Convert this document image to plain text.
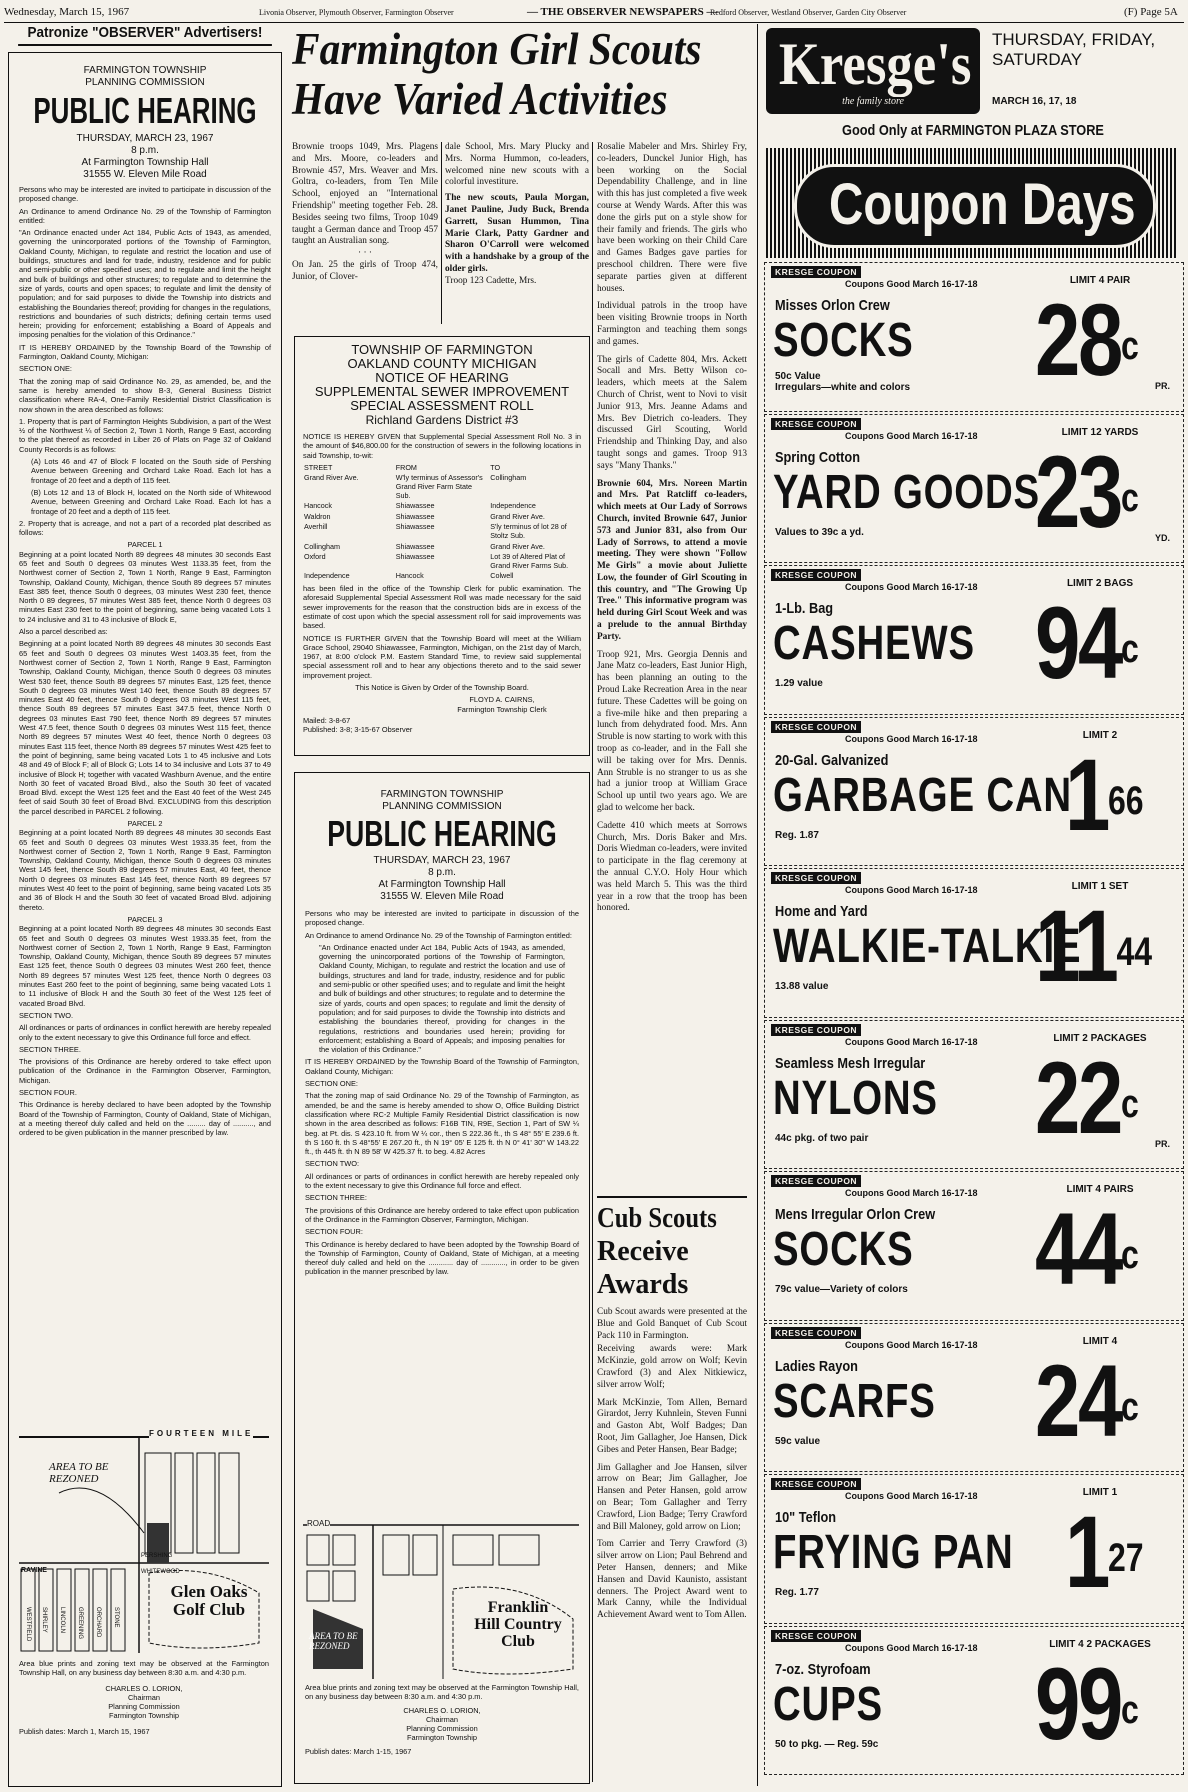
Wednesday, March 15, 1967	Livonia Observer, Plymouth Observer, Farmington Observer	— THE OBSERVER NEWSPAPERS —
Redford Observer, Westland Observer, Garden City Observer	(F) Page 5A
Patronize "OBSERVER" Advertisers!

FARMINGTON TOWNSHIP

PLANNING COMMISSION

PUBLIC HEARING

THURSDAY, MARCH 23, 1967

8 p.m.

At Farmington Township Hall

31555 W. Eleven Mile Road

Persons who may be interested are invited to participate in discussion of the proposed change.

An Ordinance to amend Ordinance No. 29 of the Township of Farmington entitled:

"An Ordinance enacted under Act 184, Public Acts of 1943, as amended, governing the unincorporated portions of the Township of Farmington, Oakland County, Michigan, to regulate and restrict the location and use of buildings, structures and land for trade, industry, residence and for public and semi-public or other specified uses; and to regulate and limit the height and bulk of buildings and other structures; to regulate and to determine the size of yards, courts and open spaces; to regulate and limit the density of population; and for said purposes to divide the Township into districts and establishing the Boundaries thereof; providing for changes in the regulations, restrictions and boundaries of such districts; defining certain terms used herein; providing for enforcement; establishing a Board of Appeals and imposing penalties for the violation of this Ordinance."

IT IS HEREBY ORDAINED by the Township Board of the Township of Farmington, Oakland County, Michigan:

SECTION ONE:

That the zoning map of said Ordinance No. 29, as amended, be, and the same is hereby amended to show B-3, General Business District classification where RA-4, One-Family Residential District Classification is now shown in the area described as follows:

1. Property that is part of Farmington Heights Subdivision, a part of the West ½ of the Northwest ¼ of Section 2, Town 1 North, Range 9 East, according to the plat thereof as recorded in Liber 26 of Plats on Page 32 of Oakland County Records is as follows:

(A) Lots 46 and 47 of Block F located on the South side of Pershing Avenue between Greening and Orchard Lake Road. Each lot has a frontage of 20 feet and a depth of 115 feet.

(B) Lots 12 and 13 of Block H, located on the North side of Whitewood Avenue, between Greening and Orchard Lake Road. Each lot has a frontage of 20 feet and a depth of 115 feet.

2. Property that is acreage, and not a part of a recorded plat described as follows:

PARCEL 1

Beginning at a point located North 89 degrees 48 minutes 30 seconds East 65 feet and South 0 degrees 03 minutes West 1133.35 feet, from the Northwest corner of Section 2, Town 1 North, Range 9 East, Farmington Township, Oakland County, Michigan, thence South 89 degrees 57 minutes East 385 feet, thence South 0 degrees, 03 minutes West 230 feet, thence North 0 89 degrees, 57 minutes West 385 feet, thence North 0 degrees 03 minutes East 230 feet to the point of beginning, same being vacated Lots 1 to 24 inclusive and 31 to 43 inclusive of Block E,

Also a parcel described as:

Beginning at a point located North 89 degrees 48 minutes 30 seconds East 65 feet and South 0 degrees 03 minutes West 1403.35 feet, from the Northwest corner of Section 2, Town 1 North, Range 9 East, Farmington Township, Oakland County, Michigan, thence South 0 degrees 03 minutes West 530 feet, thence South 89 degrees 57 minutes East, 125 feet, thence South 0 degrees 03 minutes West 140 feet, thence South 89 degrees 57 minutes East 40 feet, thence South 0 degrees 03 minutes West 115 feet, thence South 89 degrees 57 minutes East 347.5 feet, thence North 0 degrees 03 minutes East 790 feet, thence North 89 degrees 57 minutes West 47.5 feet, thence South 0 degrees 03 minutes West 115 feet, thence North 89 degrees 57 minutes West 40 feet, thence North 0 degrees 03 minutes East 115 feet, thence North 89 degrees 57 minutes West 425 feet to the point of beginning, same being vacated Lots 1 to 45 inclusive and Lots 48 and 49 of Block F; all of Block G; Lots 14 to 34 inclusive and Lots 37 to 49 inclusive of Block H; together with vacated Washburn Avenue, and the entire North 30 feet of vacated Broad Blvd., also the South 30 feet of vacated Broad Blvd. except the West 125 feet and the East 40 feet of the West 245 feet of said South 30 feet of Broad Blvd. EXCLUDING from this description the parcel described in PARCEL 2 following.

PARCEL 2

Beginning at a point located North 89 degrees 48 minutes 30 seconds East 65 feet and South 0 degrees 03 minutes West 1933.35 feet, from the Northwest corner of Section 2, Town 1 North, Range 9 East, Farmington Township, Oakland County, Michigan, thence South 0 degrees 03 minutes West 145 feet, thence South 89 degrees 57 minutes East, 40 feet, thence North 0 degrees 03 minutes East 145 feet, thence North 89 degrees 57 minutes West 40 feet to the point of beginning, same being vacated Lots 35 and 36 of Block H and the South 30 feet of vacated Broad Blvd. adjoining thereto.

PARCEL 3

Beginning at a point located North 89 degrees 48 minutes 30 seconds East 65 feet and South 0 degrees 03 minutes West 1933.35 feet, from the Northwest corner of Section 2, Town 1 North, Range 9 East, Farmington Township, Oakland County, Michigan, thence South 89 degrees 57 minutes East 125 feet, thence South 0 degrees 03 minutes West 260 feet, thence North 89 degrees 57 minutes West 125 feet, thence North 0 degrees 03 minutes East 260 feet to the point of beginning, same being vacated Lots 1 to 11 inclusive of Block H and the South 30 feet of the West 125 feet of vacated Broad Blvd.

SECTION TWO.

All ordinances or parts of ordinances in conflict herewith are hereby repealed only to the extent necessary to give this Ordinance full force and effect.

SECTION THREE.

The provisions of this Ordinance are hereby ordered to take effect upon publication of the Ordinance in the Farmington Observer, Farmington, Michigan.

SECTION FOUR.

This Ordinance is hereby declared to have been adopted by the Township Board of the Township of Farmington, County of Oakland, State of Michigan, at a meeting thereof duly called and held on the ......... day of .........., and ordered to be given publication in the manner prescribed by law.

FOURTEEN MILE
AREA TO BE REZONED
Glen Oaks Golf Club
RAVINE
SHIRLEY LINCOLN GREENING ORCHARD STONE
WESTFIELD
WHITEWOOD
PERSHING

Area blue prints and zoning text may be observed at the Farmington Township Hall, on any business day between 8:30 a.m. and 4:30 p.m.

CHARLES O. LORION,

Chairman

Planning Commission

Farmington Township

Publish dates: March 1, March 15, 1967

Farmington Girl Scouts
Have Varied Activities

Brownie troops 1049, Mrs. Plagens and Mrs. Moore, co-leaders and Brownie 457, Mrs. Weaver and Mrs. Goltra, co-leaders, from Ten Mile School, enjoyed an "International Friendship" meeting together Feb. 28. Besides seeing two films, Troop 1049 taught a German dance and Troop 457 taught an Australian song.

· · ·

On Jan. 25 the girls of Troop 474, Junior, of Clover-

dale School, Mrs. Mary Plucky and Mrs. Norma Hummon, co-leaders, welcomed nine new scouts with a colorful investiture.

The new scouts, Paula Morgan, Janet Pauline, Judy Buck, Brenda Garrett, Susan Hummon, Tina Marie Clark, Patty Gardner and Sharon O'Carroll were welcomed with a handshake by a group of the older girls.

Troop 123 Cadette, Mrs.

TOWNSHIP OF FARMINGTON

OAKLAND COUNTY MICHIGAN

NOTICE OF HEARING

SUPPLEMENTAL SEWER IMPROVEMENT

SPECIAL ASSESSMENT ROLL

Richland Gardens District #3

NOTICE IS HEREBY GIVEN that Supplemental Special Assessment Roll No. 3 in the amount of $46,800.00 for the construction of sewers in the following locations in said Township, to-wit:

STREET	FROM	TO
Grand River Ave.	W'ly terminus of Assessor's Grand River Farm State Sub.	Collingham
Hancock	Shiawassee	Independence
Waldron	Shiawassee	Grand River Ave.
Averhill	Shiawassee	S'ly terminus of lot 28 of Stoltz Sub.
Collingham	Shiawassee	Grand River Ave.
Oxford	Shiawassee	Lot 39 of Altered Plat of Grand River Farms Sub.
Independence	Hancock	Colwell

has been filed in the office of the Township Clerk for public examination. The aforesaid Supplemental Special Assessment Roll was made necessary for the said sewer improvements for the reason that the construction bids are in excess of the estimate of cost upon which the special assessment roll for said improvements was based.

NOTICE IS FURTHER GIVEN that the Township Board will meet at the William Grace School, 29040 Shiawassee, Farmington, Michigan, on the 21st day of March, 1967, at 8:00 o'clock P.M. Eastern Standard Time, to review said supplemental special assessment roll and to hear any objections thereto and to the said sewer improvement project.

This Notice is Given by Order of the Township Board.

FLOYD A. CAIRNS,

Farmington Township Clerk

Mailed: 3-8-67

Published: 3-8; 3-15-67 Observer

FARMINGTON TOWNSHIP

PLANNING COMMISSION

PUBLIC HEARING

THURSDAY, MARCH 23, 1967

8 p.m.

At Farmington Township Hall

31555 W. Eleven Mile Road

Persons who may be interested are invited to participate in discussion of the proposed change.

An Ordinance to amend Ordinance No. 29 of the Township of Farmington entitled:

"An Ordinance enacted under Act 184, Public Acts of 1943, as amended, governing the unincorporated portions of the Township of Farmington, Oakland County, Michigan, to regulate and restrict the location and use of buildings, structures and land for trade, industry, residence and for public and semi-public or other specified uses; and to regulate and limit the height and bulk of buildings and other structures; to regulate and to determine the size of yards, courts and open spaces; to regulate and limit the density of population; and for said purposes to divide the Township into districts and establishing the boundaries thereof, providing for changes in the regulations, restrictions and boundaries used herein; providing for enforcement; establishing a Board of Appeals; and imposing penalties for the violation of this Ordinance."

IT IS HEREBY ORDAINED by the Township Board of the Township of Farmington, Oakland County, Michigan:

SECTION ONE:

That the zoning map of said Ordinance No. 29 of the Township of Farmington, as amended, be and the same is hereby amended to show O, Office Building District classification where RC-2 Multiple Family Residential District classification is now shown in the area described as follows: F16B TIN, R9E, Section 1, Part of SW ¼ beg. at Pt. dis. S 423.10 ft. from W ¼ cor., then S 222.36 ft., th S 48° 55' E 239.6 ft. th S 160 ft. th S 48°55' E 267.20 ft., th N 19° 05' E 125 ft. th N 0° 41' 30" W 143.22 ft., th 445 ft. th N 89 58' W 425.37 ft. to beg. 4.82 Acres

SECTION TWO:

All ordinances or parts of ordinances in conflict herewith are hereby repealed only to the extent necessary to give this Ordinance full force and effect.

SECTION THREE:

The provisions of this Ordinance are hereby ordered to take effect upon publication of the Ordinance in the Farmington Observer, Farmington, Michigan.

SECTION FOUR:

This Ordinance is hereby declared to have been adopted by the Township Board of the Township of Farmington, County of Oakland, State of Michigan, at a meeting thereof duly called and held on the ............ day of ............, in order to be given publication in the manner prescribed by law.

ROAD
AREA TO BE REZONED
Franklin Hill Country Club

Area blue prints and zoning text may be observed at the Farmington Township Hall, on any business day between 8:30 a.m. and 4:30 p.m.

CHARLES O. LORION,

Chairman

Planning Commission

Farmington Township

Publish dates: March 1-15, 1967

Rosalie Mabeler and Mrs. Shirley Fry, co-leaders, Dunckel Junior High, has been working on the Social Dependability Challenge, and in line with this has just completed a five week course at Wendy Wards. After this was done the girls put on a style show for their family and friends. The girls who have been working on their Child Care and Games Badges gave parties for preschool children. There were five separate parties given at different houses.

Individual patrols in the troop have been visiting Brownie troops in North Farmington and teaching them songs and games.

The girls of Cadette 804, Mrs. Ackett Socall and Mrs. Betty Wilson co-leaders, which meets at the Salem Church of Christ, went to Novi to visit Junior 913, Mrs. Jeanne Adams and Mrs. Bev Dietrich co-leaders. They discussed Girl Scouting, World Friendship and Thinking Day, and also taught songs and games. Troop 913 says "Many Thanks."

Brownie 604, Mrs. Noreen Martin and Mrs. Pat Ratcliff co-leaders, which meets at Our Lady of Sorrows Church, invited Brownie 647, Junior 573 and Junior 831, also from Our Lady of Sorrows, to attend a movie meeting. They were shown "Follow Me Girls" a movie about Juliette Low, the founder of Girl Scouting in this country, and "The Growing Up Tree." This informative program was held during Girl Scout Week and was a prelude to the annual Birthday Party.

Troop 921, Mrs. Georgia Dennis and Jane Matz co-leaders, East Junior High, has been planning an outing to the Proud Lake Recreation Area in the near future. These Cadettes will be going on a five-mile hike and then preparing a lunch from dehydrated food. Mrs. Ann Struble is now starting to work with this troop as co-leader, and in the Fall she will be taking over for Mrs. Dennis. Ann Struble is no stranger to us as she had a junior troop at William Grace School up until two years ago. We are glad to welcome her back.

Cadette 410 which meets at Sorrows Church, Mrs. Doris Baker and Mrs. Doris Wiedman co-leaders, were invited to participate in the flag ceremony at the annual C.Y.O. Holy Hour which was held March 5. This was the third year in a row that the troop has been honored.

Cub Scouts
Receive
Awards

Cub Scout awards were presented at the Blue and Gold Banquet of Cub Scout Pack 110 in Farmington.

Receiving awards were: Mark McKinzie, gold arrow on Wolf; Kevin Crawford (3) and Alex Nitkiewicz, silver arrow Wolf;

Mark McKinzie, Tom Allen, Bernard Girardot, Jerry Kuhnlein, Steven Funni and Gaston Abt, Wolf Badges; Dan Root, Jim Gallagher, Joe Hansen, Dick Gibes and Peter Hansen, Bear Badge;

Jim Gallagher and Joe Hansen, silver arrow on Bear; Jim Gallagher, Joe Hansen and Peter Hansen, gold arrow on Bear; Tom Gallagher and Terry Crawford, Lion Badge; Terry Crawford and Bill Maloney, gold arrow on Lion;

Tom Carrier and Terry Crawford (3) silver arrow on Lion; Paul Behrend and Peter Hansen, denners; and Mike Hansen and David Kaunisto, assistant denners. The Project Award went to Mark Canny, while the Individual Achievement Award went to Tom Allen.

Kresge's
the family store
THURSDAY, FRIDAY, SATURDAY
MARCH 16, 17, 18
Good Only at FARMINGTON PLAZA STORE
Coupon Days
KRESGE COUPON
Coupons Good March 16-17-18	LIMIT 4 PAIR
Misses Orlon Crew
SOCKS
50c Value
Irregulars—white and colors 28$^c$
PR.
KRESGE COUPON
Coupons Good March 16-17-18	LIMIT 12 YARDS
Spring Cotton
YARD GOODS
Values to 39c a yd. 23$^c$
YD.
KRESGE COUPON
Coupons Good March 16-17-18	LIMIT 2 BAGS
1-Lb. Bag
CASHEWS
1.29 value 94$^c$
KRESGE COUPON
Coupons Good March 16-17-18	LIMIT 2
20-Gal. Galvanized
GARBAGE CAN
Reg. 1.87 $1^{66}$
KRESGE COUPON
Coupons Good March 16-17-18	LIMIT 1 SET
Home and Yard
WALKIE-TALKIE
13.88 value $11^{44}$
KRESGE COUPON
Coupons Good March 16-17-18	LIMIT 2 PACKAGES
Seamless Mesh Irregular
NYLONS
44c pkg. of two pair 22$^c$
PR.
KRESGE COUPON
Coupons Good March 16-17-18	LIMIT 4 PAIRS
Mens Irregular Orlon Crew
SOCKS
79c value—Variety of colors 44$^c$
KRESGE COUPON
Coupons Good March 16-17-18	LIMIT 4
Ladies Rayon
SCARFS
59c value 24$^c$
KRESGE COUPON
Coupons Good March 16-17-18	LIMIT 1
10" Teflon
FRYING PAN
Reg. 1.77 $1^{27}$
KRESGE COUPON
Coupons Good March 16-17-18	LIMIT 4 2 PACKAGES
7-oz. Styrofoam
CUPS
50 to pkg. — Reg. 59c 99$^c$
